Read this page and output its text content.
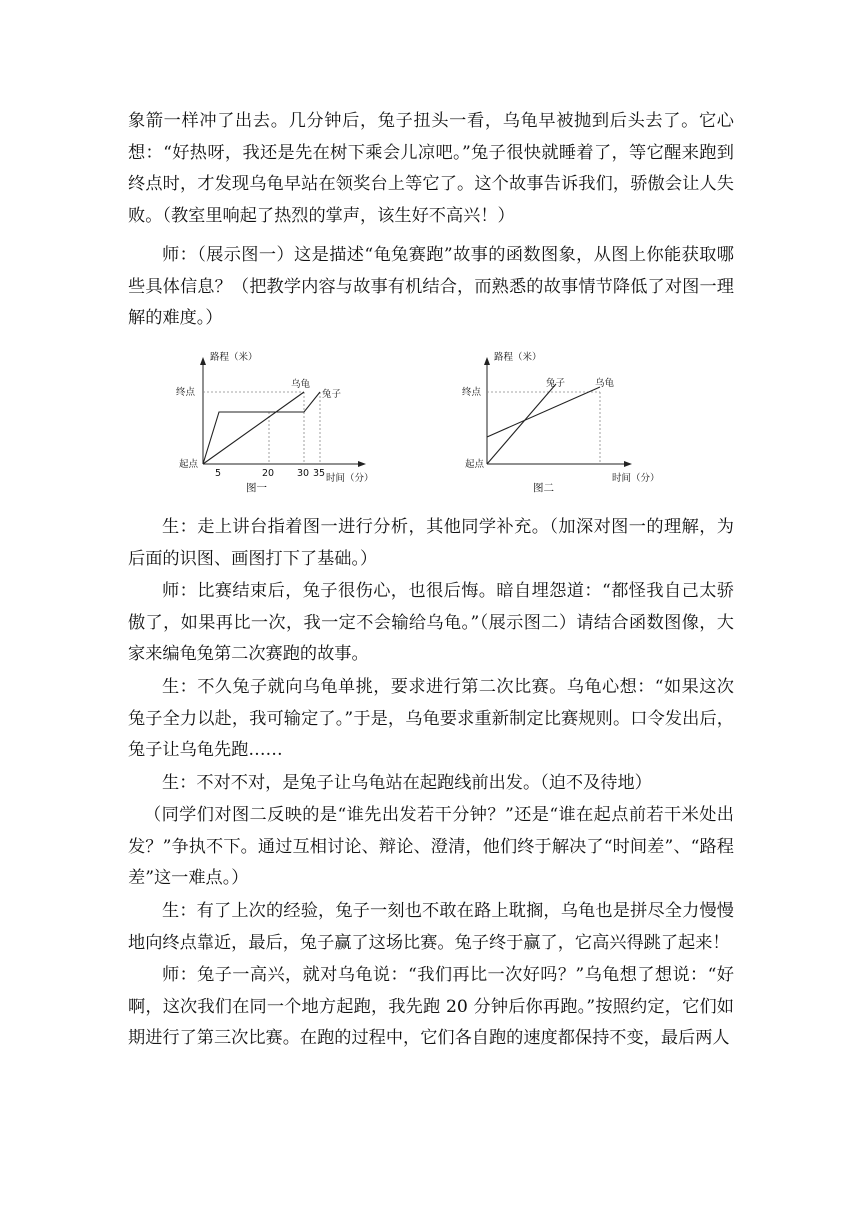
象箭一样冲了出去。几分钟后，兔子扭头一看，乌龟早被抛到后头去了。它心想：“好热呀，我还是先在树下乘会儿凉吧。”兔子很快就睡着了，等它醒来跑到终点时，才发现乌龟早站在领奖台上等它了。这个故事告诉我们，骄傲会让人失败。（教室里响起了热烈的掌声，该生好不高兴！）

师：（展示图一）这是描述“龟兔赛跑”故事的函数图象，从图上你能获取哪些具体信息？（把教学内容与故事有机结合，而熟悉的故事情节降低了对图一理解的难度。）

路程（米）
终点
起点
乌龟
兔子
5	20 30 35 时间（分）
图一
路程（米）
终点
起点
兔子	乌龟
时间（分）
图二

生：走上讲台指着图一进行分析，其他同学补充。（加深对图一的理解，为后面的识图、画图打下了基础。）

师：比赛结束后，兔子很伤心，也很后悔。暗自埋怨道：“都怪我自己太骄傲了，如果再比一次，我一定不会输给乌龟。”（展示图二）请结合函数图像，大家来编龟兔第二次赛跑的故事。

生：不久兔子就向乌龟单挑，要求进行第二次比赛。乌龟心想：“如果这次兔子全力以赴，我可输定了。”于是，乌龟要求重新制定比赛规则。口令发出后，兔子让乌龟先跑……

生：不对不对，是兔子让乌龟站在起跑线前出发。（迫不及待地）

（同学们对图二反映的是“谁先出发若干分钟？”还是“谁在起点前若干米处出发？”争执不下。通过互相讨论、辩论、澄清，他们终于解决了“时间差”、“路程差”这一难点。）

生：有了上次的经验，兔子一刻也不敢在路上耽搁，乌龟也是拼尽全力慢慢地向终点靠近，最后，兔子赢了这场比赛。兔子终于赢了，它高兴得跳了起来！

师：兔子一高兴，就对乌龟说：“我们再比一次好吗？”乌龟想了想说：“好啊，这次我们在同一个地方起跑，我先跑 20 分钟后你再跑。”按照约定，它们如期进行了第三次比赛。在跑的过程中，它们各自跑的速度都保持不变，最后两人
